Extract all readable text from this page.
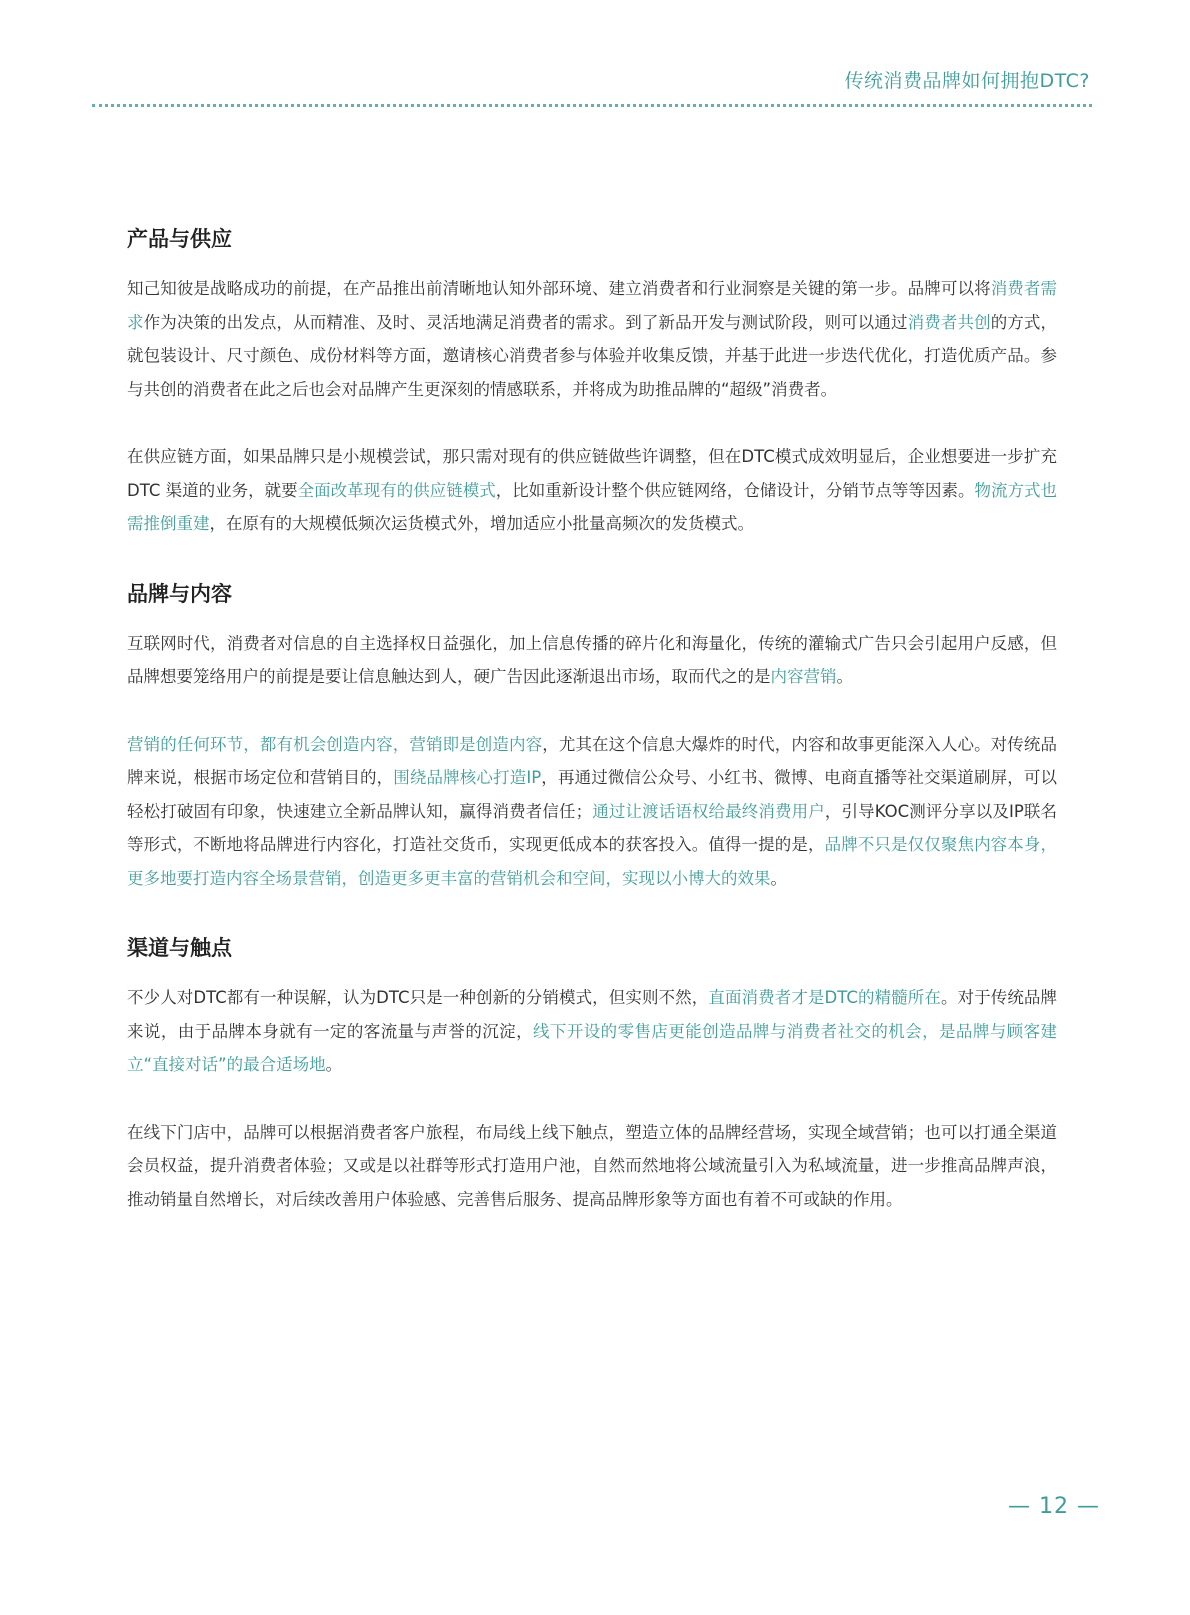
传统消费品牌如何拥抱DTC?
产品与供应

知己知彼是战略成功的前提，在产品推出前清晰地认知外部环境、建立消费者和行业洞察是关键的第一步。品牌可以将消费者需求作为决策的出发点，从而精准、及时、灵活地满足消费者的需求。到了新品开发与测试阶段，则可以通过消费者共创的方式，就包装设计、尺寸颜色、成份材料等方面，邀请核心消费者参与体验并收集反馈，并基于此进一步迭代优化，打造优质产品。参与共创的消费者在此之后也会对品牌产生更深刻的情感联系，并将成为助推品牌的“超级”消费者。

在供应链方面，如果品牌只是小规模尝试，那只需对现有的供应链做些许调整，但在DTC模式成效明显后，企业想要进一步扩充DTC 渠道的业务，就要全面改革现有的供应链模式，比如重新设计整个供应链网络，仓储设计，分销节点等等因素。物流方式也需推倒重建，在原有的大规模低频次运货模式外，增加适应小批量高频次的发货模式。

品牌与内容

互联网时代，消费者对信息的自主选择权日益强化，加上信息传播的碎片化和海量化，传统的灌输式广告只会引起用户反感，但品牌想要笼络用户的前提是要让信息触达到人，硬广告因此逐渐退出市场，取而代之的是内容营销。

营销的任何环节，都有机会创造内容，营销即是创造内容，尤其在这个信息大爆炸的时代，内容和故事更能深入人心。对传统品牌来说，根据市场定位和营销目的，围绕品牌核心打造IP，再通过微信公众号、小红书、微博、电商直播等社交渠道刷屏，可以轻松打破固有印象，快速建立全新品牌认知，赢得消费者信任；通过让渡话语权给最终消费用户，引导KOC测评分享以及IP联名等形式，不断地将品牌进行内容化，打造社交货币，实现更低成本的获客投入。值得一提的是，品牌不只是仅仅聚焦内容本身，更多地要打造内容全场景营销，创造更多更丰富的营销机会和空间，实现以小博大的效果。

渠道与触点

不少人对DTC都有一种误解，认为DTC只是一种创新的分销模式，但实则不然，直面消费者才是DTC的精髓所在。对于传统品牌来说，由于品牌本身就有一定的客流量与声誉的沉淀，线下开设的零售店更能创造品牌与消费者社交的机会，是品牌与顾客建立“直接对话”的最合适场地。

在线下门店中，品牌可以根据消费者客户旅程，布局线上线下触点，塑造立体的品牌经营场，实现全域营销；也可以打通全渠道会员权益，提升消费者体验；又或是以社群等形式打造用户池，自然而然地将公域流量引入为私域流量，进一步推高品牌声浪，推动销量自然增长，对后续改善用户体验感、完善售后服务、提高品牌形象等方面也有着不可或缺的作用。

— 12 —
